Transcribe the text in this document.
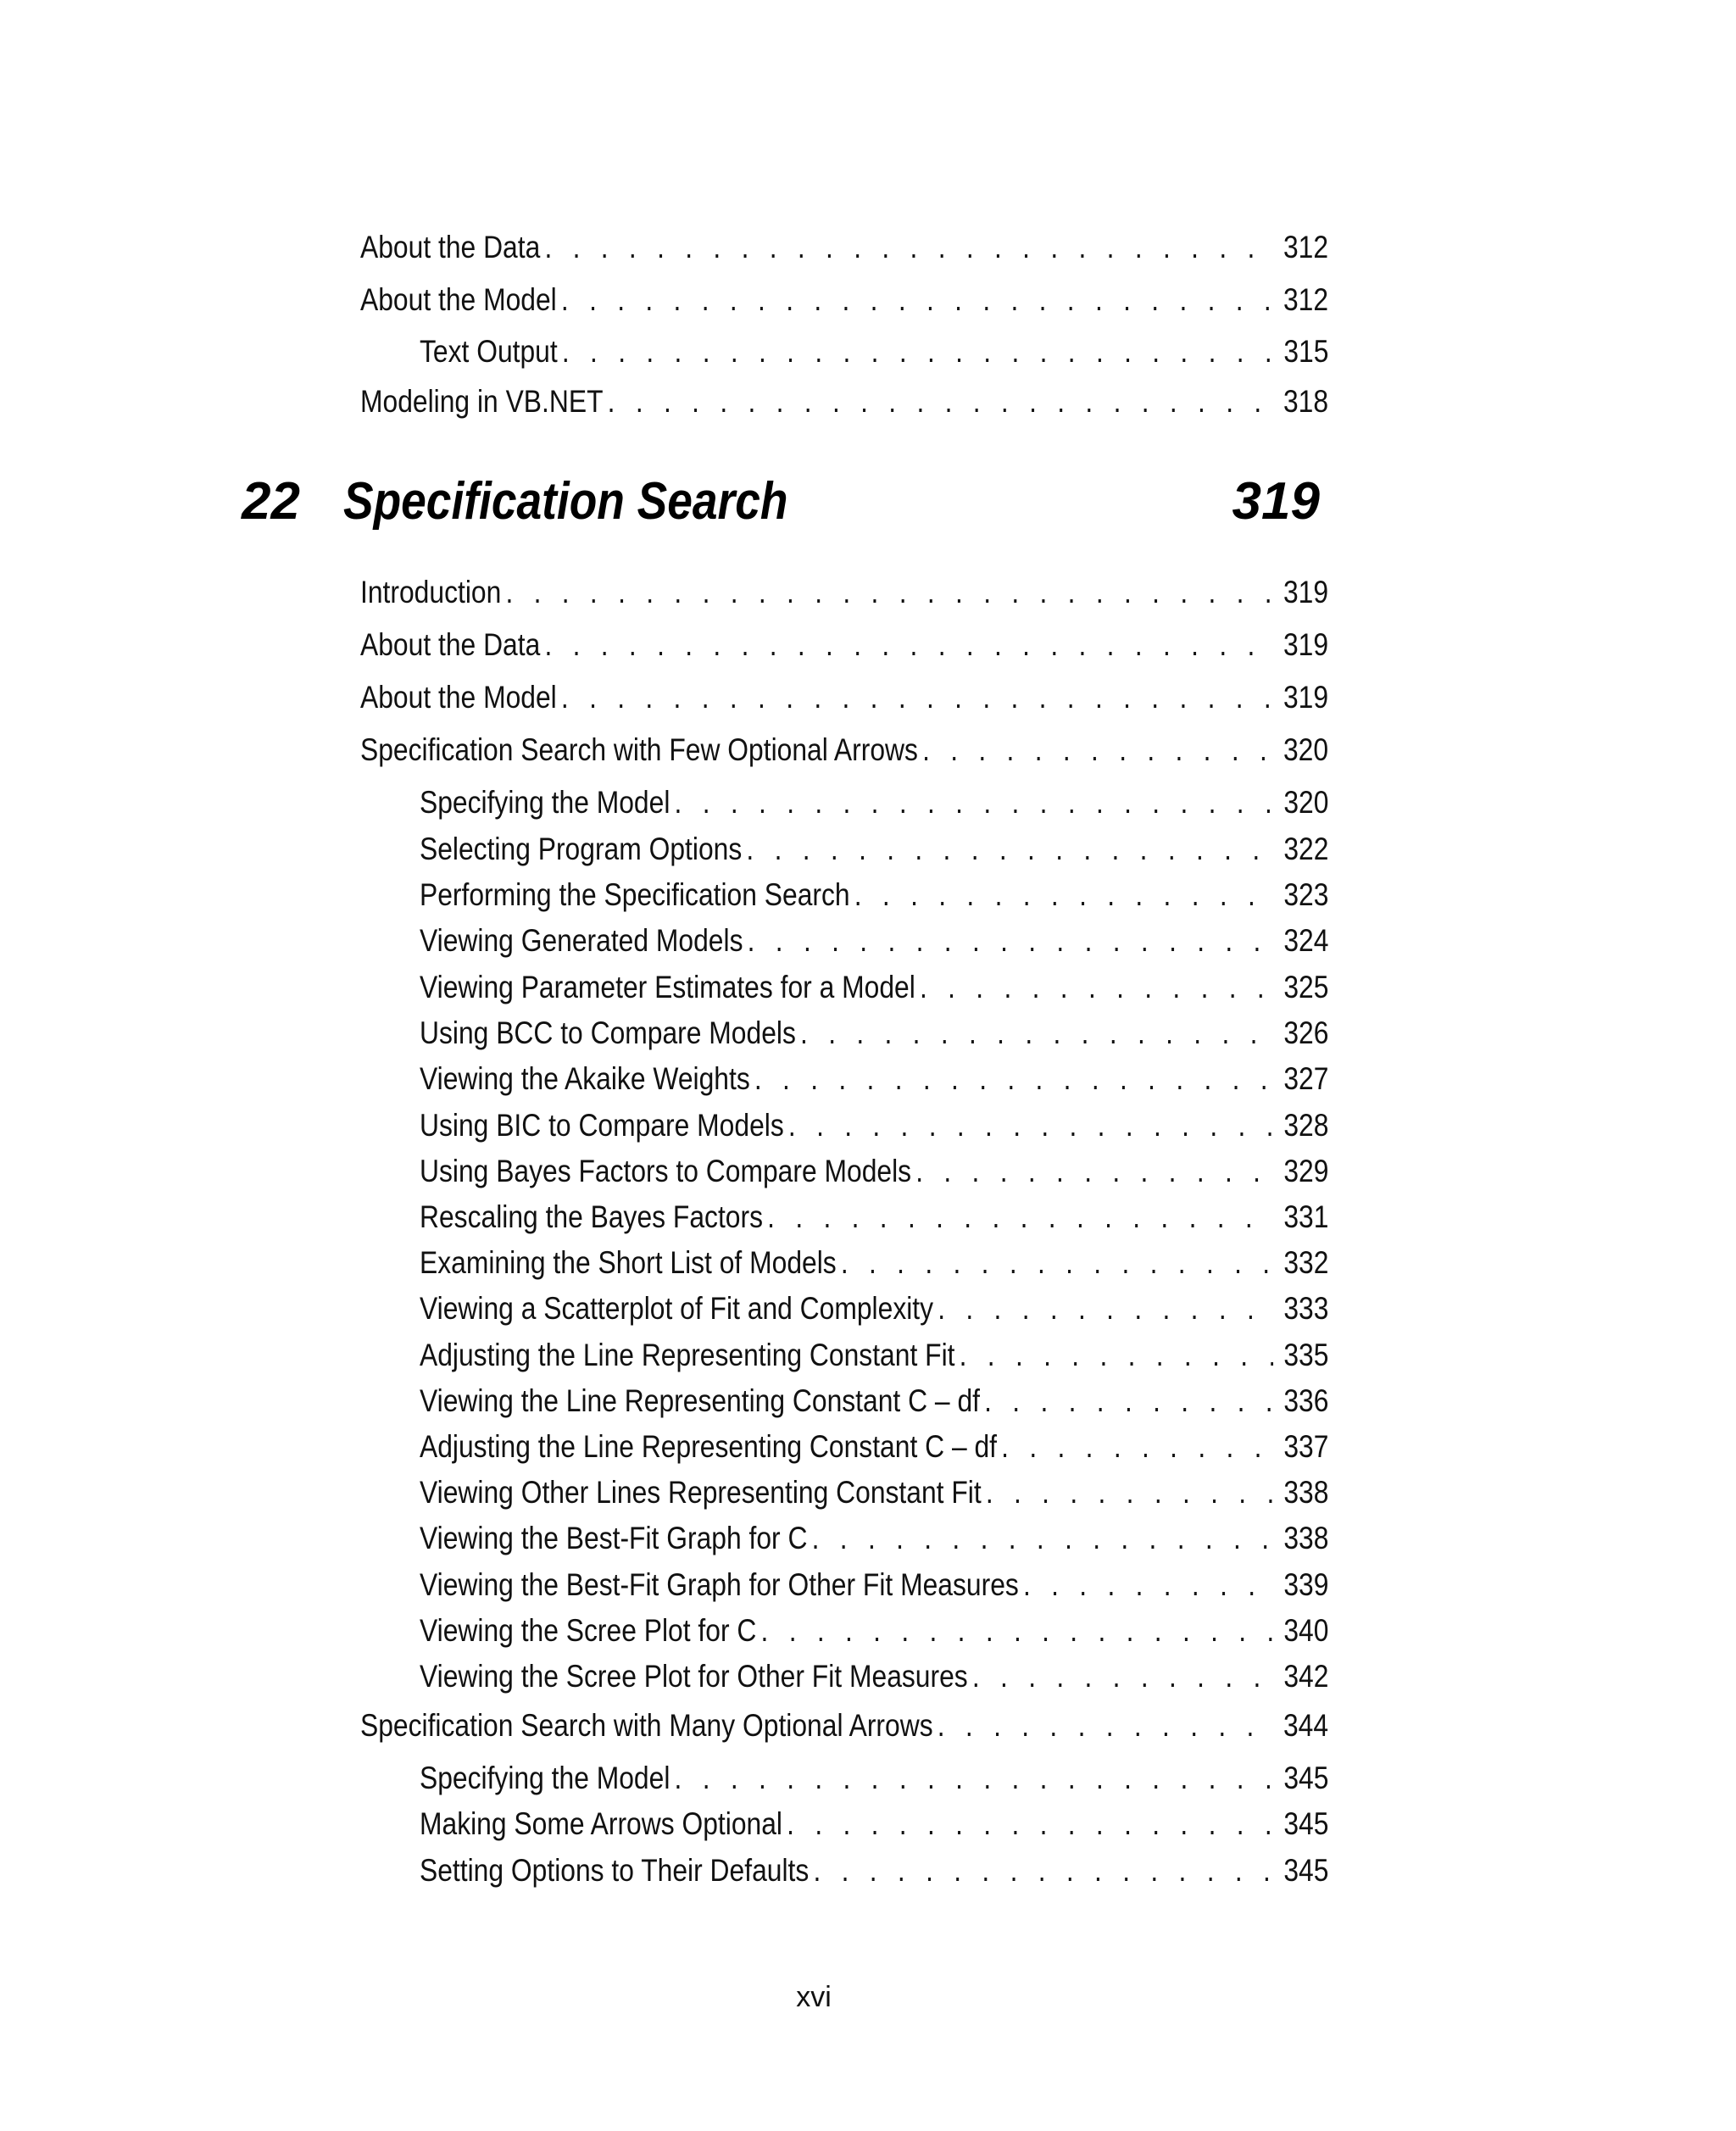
About the Data . . .	312
About the Model . . .	312
Text Output . . .	315
Modeling in VB.NET . . .	318
22 Specification Search	319
Introduction . . .	319
About the Data . . .	319
About the Model . . .	319
Specification Search with Few Optional Arrows . . .	320
Specifying the Model . . .	320
Selecting Program Options . . .	322
Performing the Specification Search . . .	323
Viewing Generated Models . . .	324
Viewing Parameter Estimates for a Model . . .	325
Using BCC to Compare Models . . .	326
Viewing the Akaike Weights . . .	327
Using BIC to Compare Models . . .	328
Using Bayes Factors to Compare Models . . .	329
Rescaling the Bayes Factors . . .	331
Examining the Short List of Models . . .	332
Viewing a Scatterplot of Fit and Complexity . . .	333
Adjusting the Line Representing Constant Fit . . .	335
Viewing the Line Representing Constant C – df . . .	336
Adjusting the Line Representing Constant C – df . . .	337
Viewing Other Lines Representing Constant Fit . . .	338
Viewing the Best-Fit Graph for C . . .	338
Viewing the Best-Fit Graph for Other Fit Measures . . .	339
Viewing the Scree Plot for C . . .	340
Viewing the Scree Plot for Other Fit Measures . . .	342
Specification Search with Many Optional Arrows . . .	344
Specifying the Model . . .	345
Making Some Arrows Optional . . .	345
Setting Options to Their Defaults . . .	345
xvi
